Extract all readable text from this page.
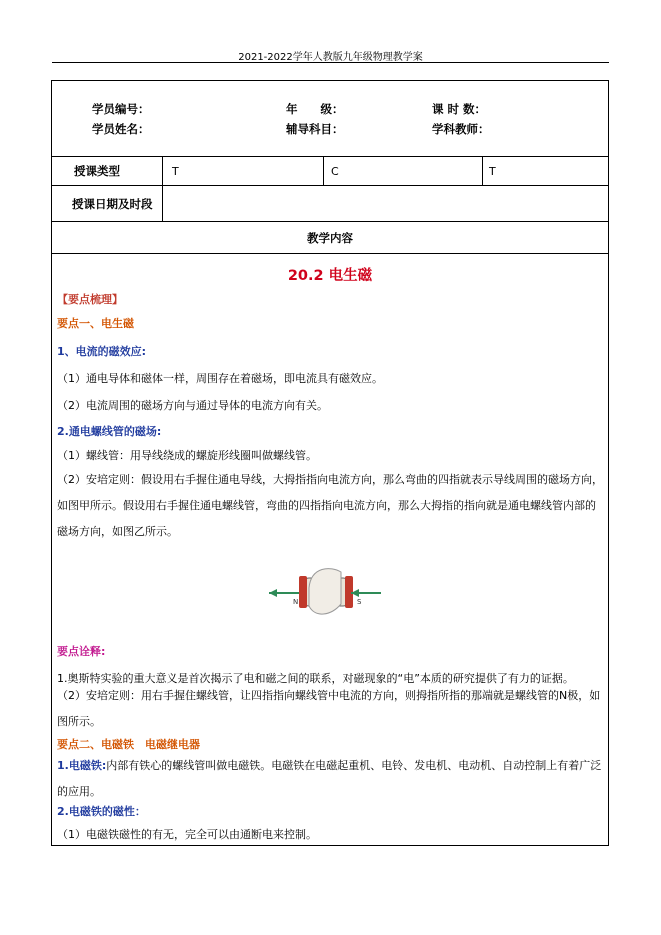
2021-2022学年人教版九年级物理教学案
学员编号：	年　　级：	课 时 数：
学员姓名：	辅导科目：	学科教师：
授课类型	T	C	T
授课日期及时段
教学内容
20.2 电生磁
【要点梳理】
要点一、电生磁
1、电流的磁效应:
（1）通电导体和磁体一样，周围存在着磁场，即电流具有磁效应。
（2）电流周围的磁场方向与通过导体的电流方向有关。
2.通电螺线管的磁场:
（1）螺线管：用导线绕成的螺旋形线圈叫做螺线管。
（2）安培定则：假设用右手握住通电导线，大拇指指向电流方向，那么弯曲的四指就表示导线周围的磁场方向，如图甲所示。假设用右手握住通电螺线管，弯曲的四指指向电流方向，那么大拇指的指向就是通电螺线管内部的磁场方向，如图乙所示。
N	S
要点诠释:
1.奥斯特实验的重大意义是首次揭示了电和磁之间的联系，对磁现象的“电”本质的研究提供了有力的证据。
（2）安培定则：用右手握住螺线管，让四指指向螺线管中电流的方向，则拇指所指的那端就是螺线管的N极，如图所示。
要点二、电磁铁　电磁继电器
1.电磁铁:内部有铁心的螺线管叫做电磁铁。电磁铁在电磁起重机、电铃、发电机、电动机、自动控制上有着广泛的应用。
2.电磁铁的磁性：
（1）电磁铁磁性的有无，完全可以由通断电来控制。
